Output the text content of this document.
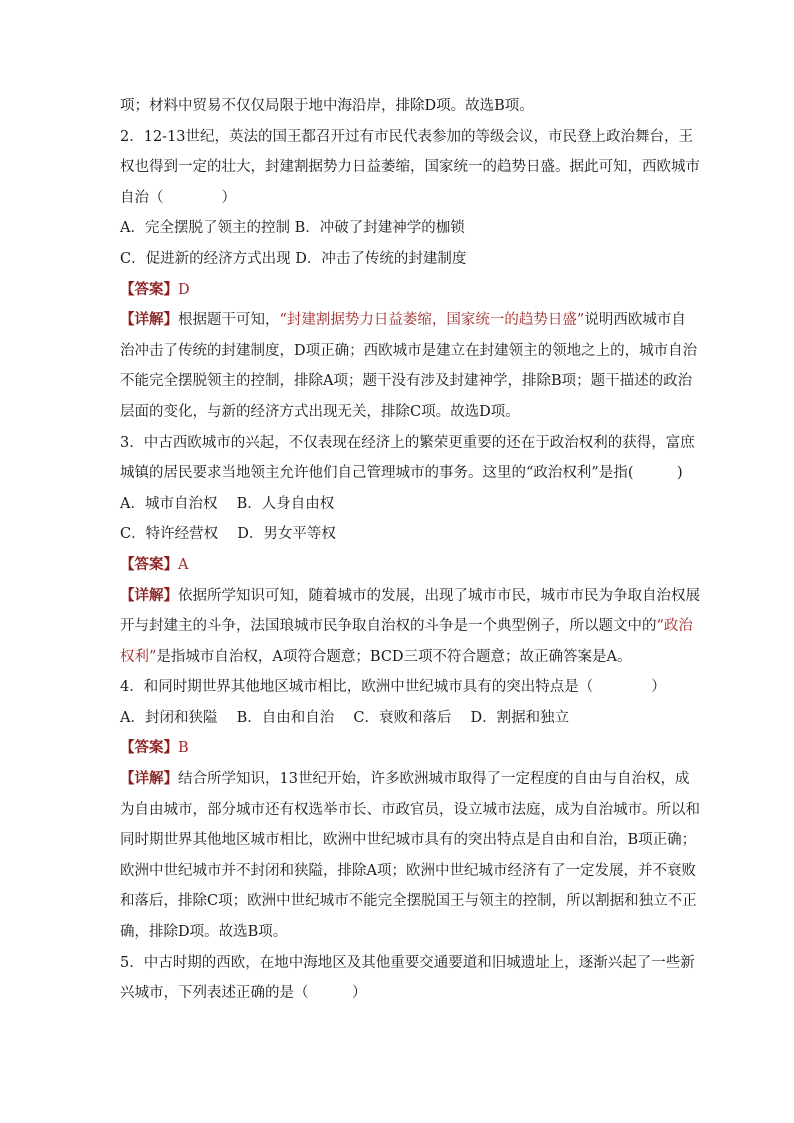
项；材料中贸易不仅仅局限于地中海沿岸，排除D项。故选B项。
2．12-13世纪，英法的国王都召开过有市民代表参加的等级会议，市民登上政治舞台，王
权也得到一定的壮大，封建割据势力日益萎缩，国家统一的趋势日盛。据此可知，西欧城市
自治（　　　　）
A．完全摆脱了领主的控制 B．冲破了封建神学的枷锁
C．促进新的经济方式出现 D．冲击了传统的封建制度
【答案】D
【详解】根据题干可知，“封建割据势力日益萎缩，国家统一的趋势日盛”说明西欧城市自
治冲击了传统的封建制度，D项正确；西欧城市是建立在封建领主的领地之上的，城市自治
不能完全摆脱领主的控制，排除A项；题干没有涉及封建神学，排除B项；题干描述的政治
层面的变化，与新的经济方式出现无关，排除C项。故选D项。
3．中古西欧城市的兴起，不仅表现在经济上的繁荣更重要的还在于政治权利的获得，富庶
城镇的居民要求当地领主允许他们自己管理城市的事务。这里的“政治权利”是指(　　　)
A．城市自治权　 B．人身自由权
C．特许经营权　 D．男女平等权
【答案】A
【详解】依据所学知识可知，随着城市的发展，出现了城市市民，城市市民为争取自治权展
开与封建主的斗争，法国琅城市民争取自治权的斗争是一个典型例子，所以题文中的“政治
权利”是指城市自治权，A项符合题意；BCD三项不符合题意；故正确答案是A。
4．和同时期世界其他地区城市相比，欧洲中世纪城市具有的突出特点是（　　　　）
A．封闭和狭隘　 B．自由和自治　 C．衰败和落后　 D．割据和独立
【答案】B
【详解】结合所学知识，13世纪开始，许多欧洲城市取得了一定程度的自由与自治权，成
为自由城市，部分城市还有权选举市长、市政官员，设立城市法庭，成为自治城市。所以和
同时期世界其他地区城市相比，欧洲中世纪城市具有的突出特点是自由和自治，B项正确；
欧洲中世纪城市并不封闭和狭隘，排除A项；欧洲中世纪城市经济有了一定发展，并不衰败
和落后，排除C项；欧洲中世纪城市不能完全摆脱国王与领主的控制，所以割据和独立不正
确，排除D项。故选B项。
5．中古时期的西欧，在地中海地区及其他重要交通要道和旧城遗址上，逐渐兴起了一些新
兴城市，下列表述正确的是（　　　）
